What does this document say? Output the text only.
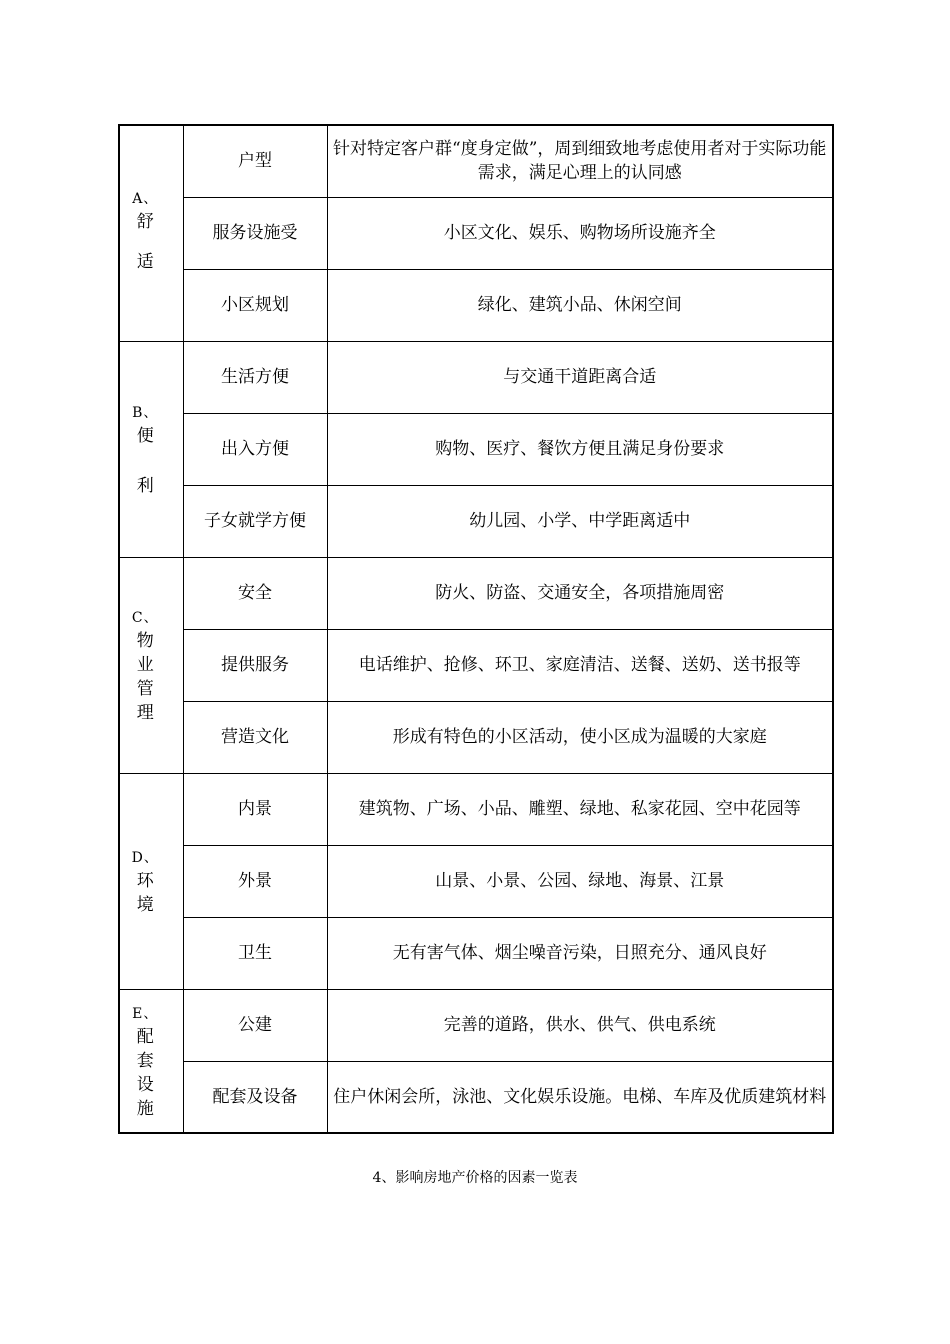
A、
舒
适	户型	针对特定客户群“度身定做”，周到细致地考虑使用者对于实际功能需求，满足心理上的认同感
	服务设施受	小区文化、娱乐、购物场所设施齐全
	小区规划	绿化、建筑小品、休闲空间

B、
便
利	生活方便	与交通干道距离合适
	出入方便	购物、医疗、餐饮方便且满足身份要求
	子女就学方便	幼儿园、小学、中学距离适中

C、
物
业
管
理	安全	防火、防盗、交通安全，各项措施周密
	提供服务	电话维护、抢修、环卫、家庭清洁、送餐、送奶、送书报等
	营造文化	形成有特色的小区活动，使小区成为温暖的大家庭

D、
环
境	内景	建筑物、广场、小品、雕塑、绿地、私家花园、空中花园等
	外景	山景、小景、公园、绿地、海景、江景
	卫生	无有害气体、烟尘噪音污染，日照充分、通风良好

E、
配
套
设
施	公建	完善的道路，供水、供气、供电系统
	配套及设备	住户休闲会所，泳池、文化娱乐设施。电梯、车库及优质建筑材料
4、影响房地产价格的因素一览表
